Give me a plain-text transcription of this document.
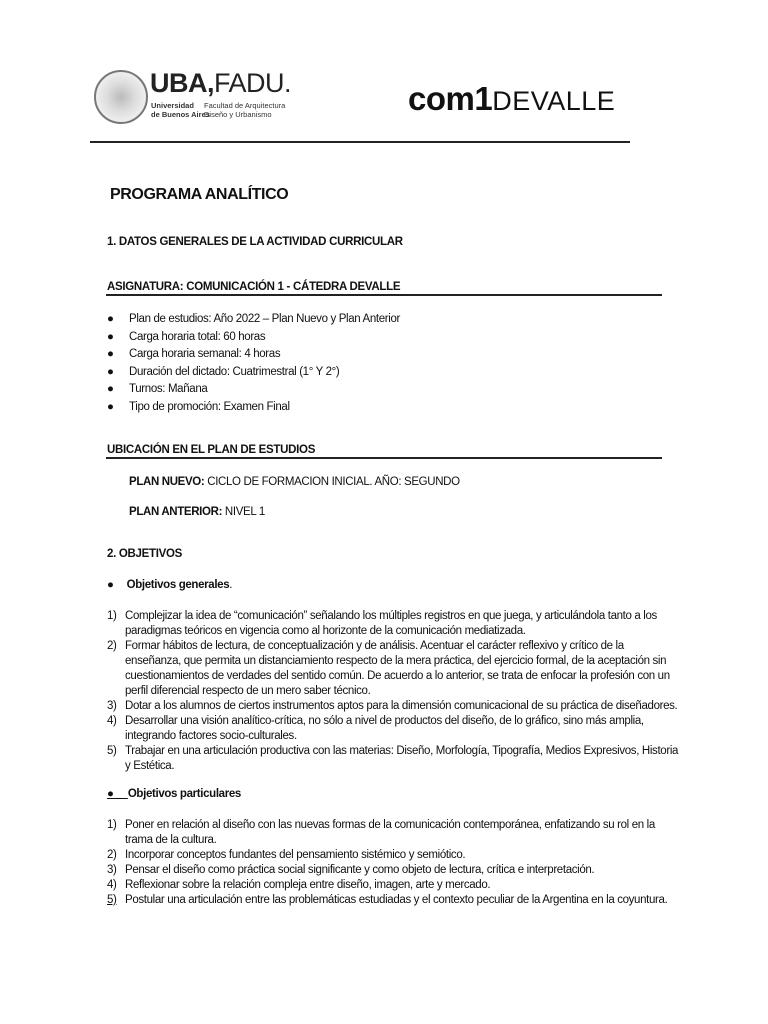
UBA,FADU.
Universidad
de Buenos Aires
Facultad de Arquitectura
Diseño y Urbanismo	com1DEVALLE
PROGRAMA ANALÍTICO
1. DATOS GENERALES DE LA ACTIVIDAD CURRICULAR
ASIGNATURA: COMUNICACIÓN 1 - CÁTEDRA DEVALLE
● Plan de estudios: Año 2022 – Plan Nuevo y Plan Anterior
● Carga horaria total: 60 horas
● Carga horaria semanal: 4 horas
● Duración del dictado: Cuatrimestral (1° Y 2°)
● Turnos: Mañana
● Tipo de promoción: Examen Final
UBICACIÓN EN EL PLAN DE ESTUDIOS
PLAN NUEVO: CICLO DE FORMACION INICIAL. AÑO: SEGUNDO
PLAN ANTERIOR: NIVEL 1
2. OBJETIVOS
● Objetivos generales.
1) Complejizar la idea de “comunicación” señalando los múltiples registros en que juega, y articulándola tanto a los
paradigmas teóricos en vigencia como al horizonte de la comunicación mediatizada.
2) Formar hábitos de lectura, de conceptualización y de análisis. Acentuar el carácter reflexivo y crítico de la
enseñanza, que permita un distanciamiento respecto de la mera práctica, del ejercicio formal, de la aceptación sin
cuestionamientos de verdades del sentido común. De acuerdo a lo anterior, se trata de enfocar la profesión con un
perfil diferencial respecto de un mero saber técnico.
3) Dotar a los alumnos de ciertos instrumentos aptos para la dimensión comunicacional de su práctica de diseñadores.
4) Desarrollar una visión analítico-crítica, no sólo a nivel de productos del diseño, de lo gráfico, sino más amplia,
integrando factores socio-culturales.
5) Trabajar en una articulación productiva con las materias: Diseño, Morfología, Tipografía, Medios Expresivos, Historia
y Estética.
●     Objetivos particulares
1) Poner en relación al diseño con las nuevas formas de la comunicación contemporánea, enfatizando su rol en la
trama de la cultura.
2) Incorporar conceptos fundantes del pensamiento sistémico y semiótico.
3) Pensar el diseño como práctica social significante y como objeto de lectura, crítica e interpretación.
4) Reflexionar sobre la relación compleja entre diseño, imagen, arte y mercado.
5) Postular una articulación entre las problemáticas estudiadas y el contexto peculiar de la Argentina en la coyuntura.
